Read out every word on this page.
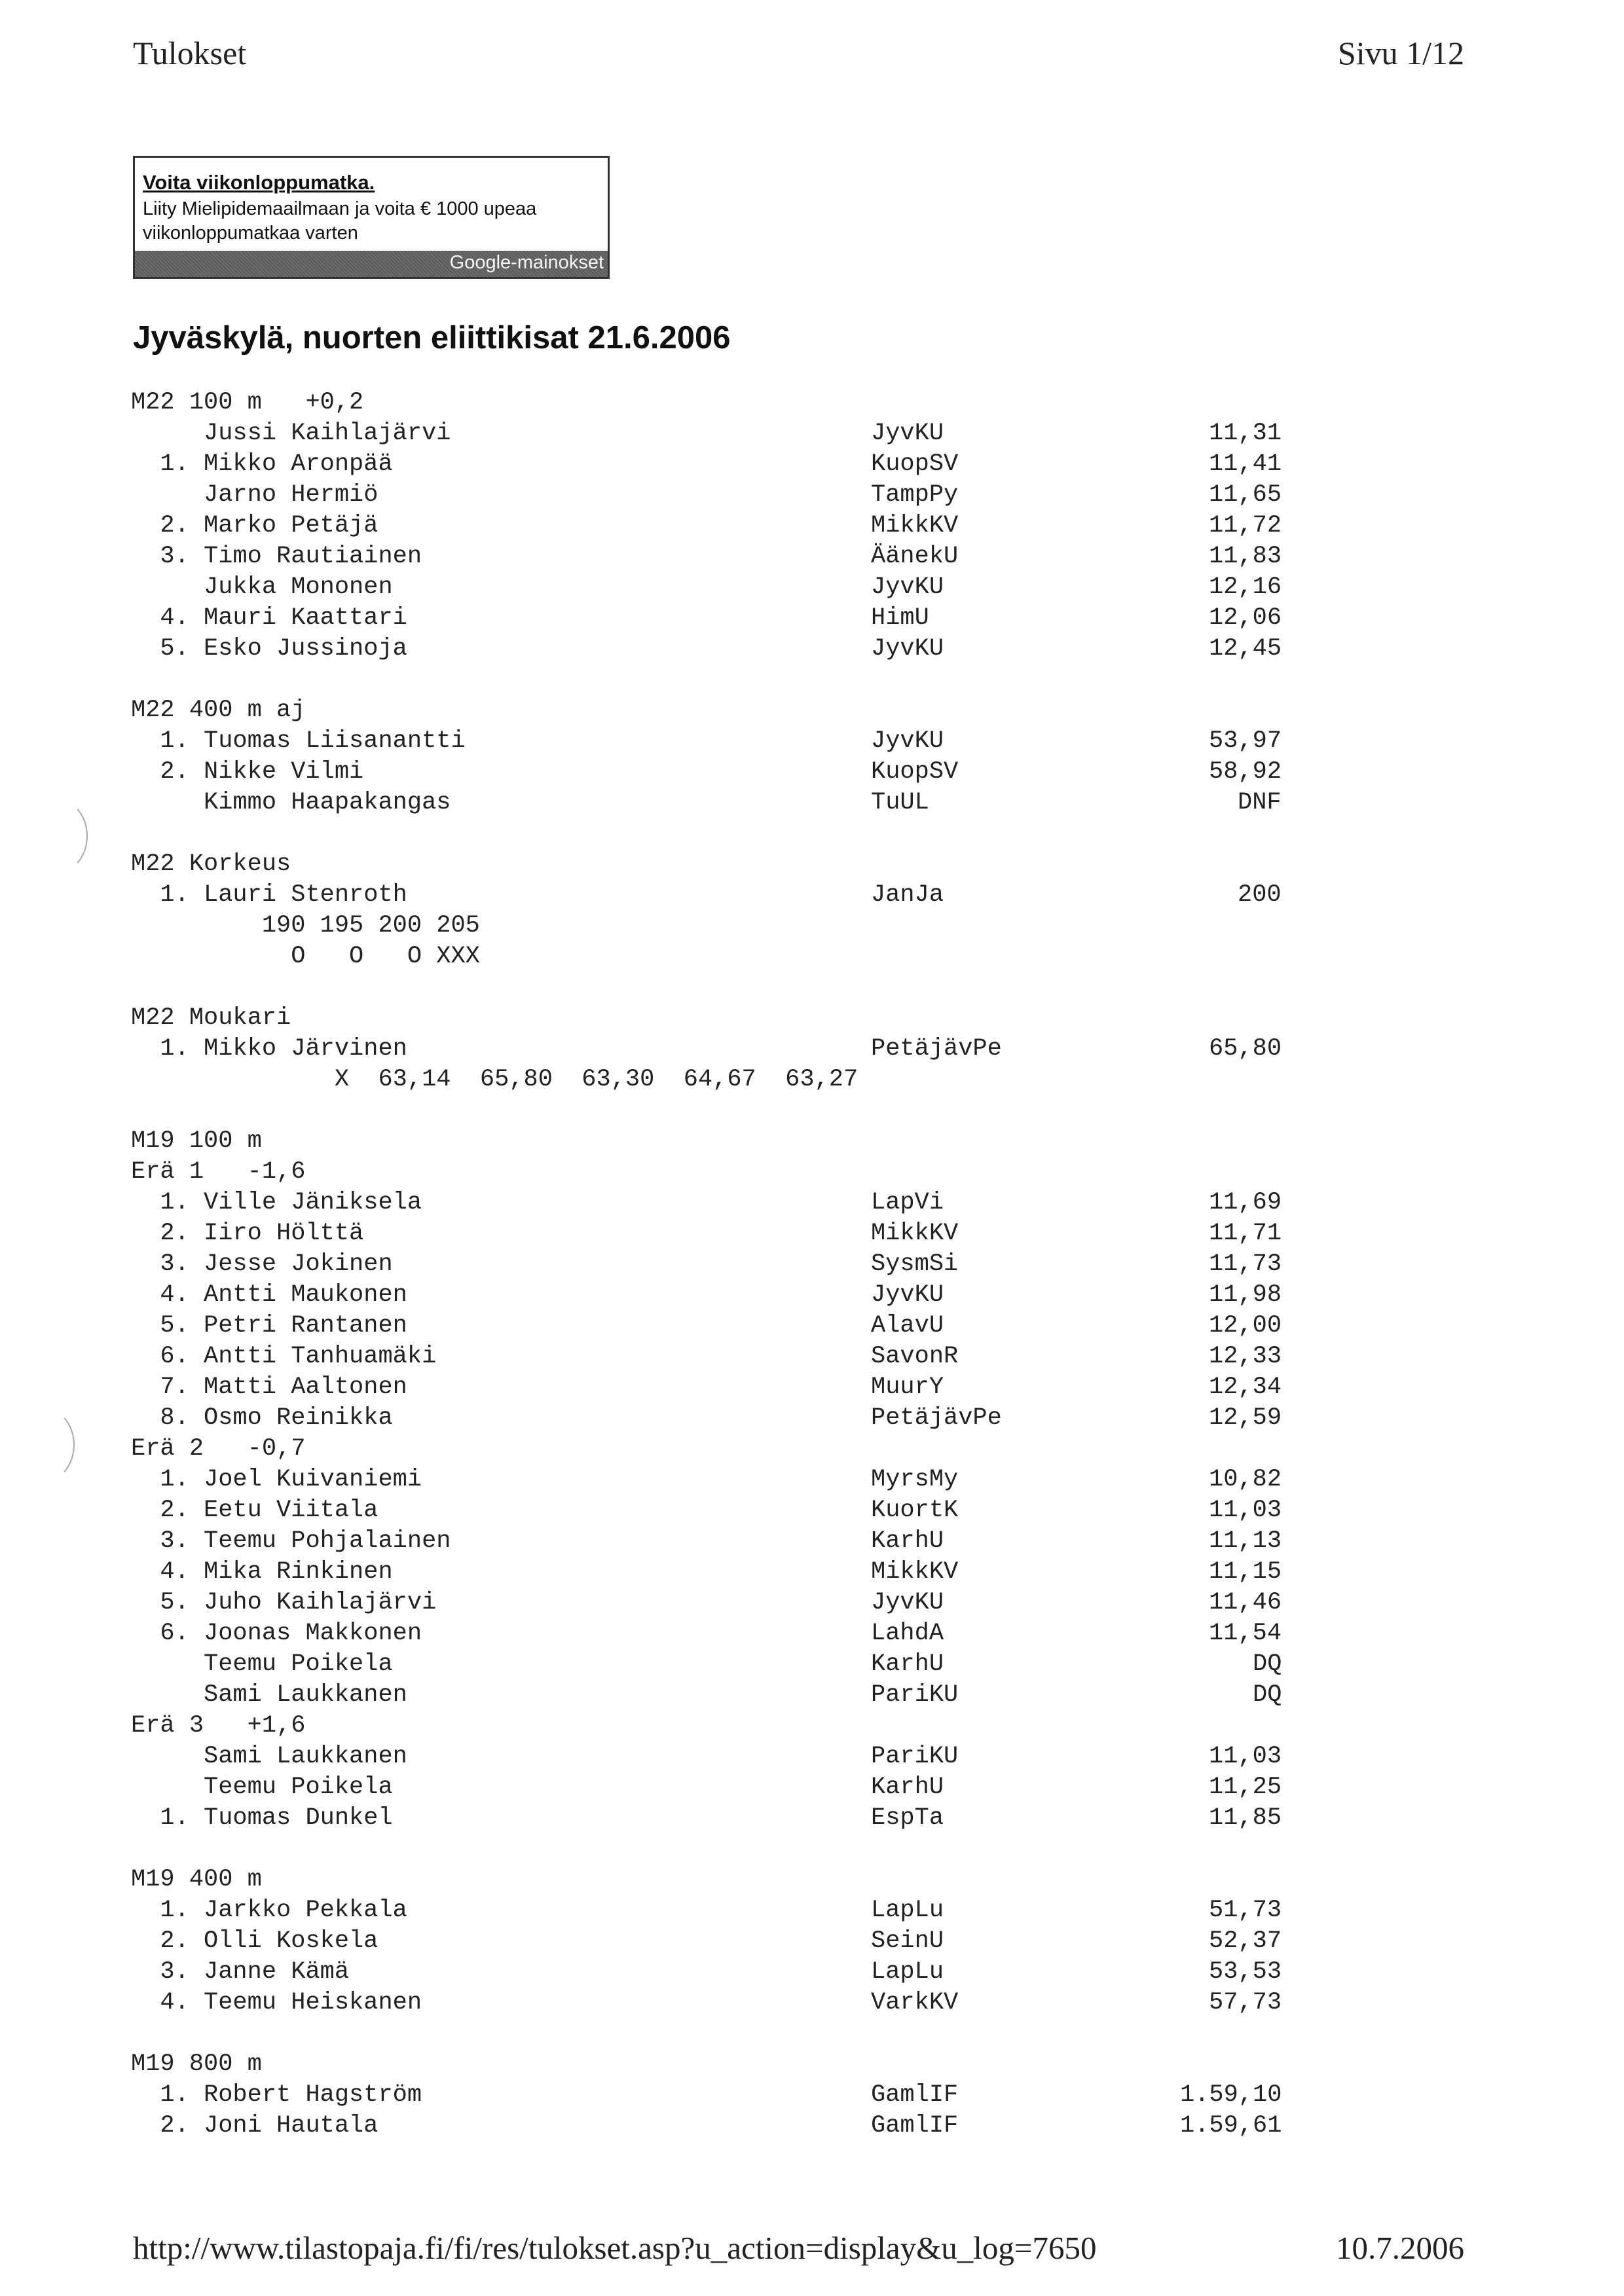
Tulokset	Sivu 1/12
Voita viikonloppumatka.
Liity Mielipidemaailmaan ja voita € 1000 upeaa viikonloppumatkaa varten
Google-mainokset
Jyväskylä, nuorten eliittikisat 21.6.2006
M22 100 m   +0,2
Jussi Kaihlajärvi	JyvKU	11,31
1. Mikko Aronpää	KuopSV	11,41
Jarno Hermiö	TampPy	11,65
2. Marko Petäjä	MikkKV	11,72
3. Timo Rautiainen	ÄänekU	11,83
Jukka Mononen	JyvKU	12,16
4. Mauri Kaattari	HimU	12,06
5. Esko Jussinoja	JyvKU	12,45
M22 400 m aj
1. Tuomas Liisanantti	JyvKU	53,97
2. Nikke Vilmi	KuopSV	58,92
Kimmo Haapakangas	TuUL	DNF
M22 Korkeus
1. Lauri Stenroth	JanJa	200
190 195 200 205
O   O   O XXX
M22 Moukari
1. Mikko Järvinen	PetäjävPe	65,80
X  63,14  65,80  63,30  64,67  63,27
M19 100 m
Erä 1   -1,6
1. Ville Jäniksela	LapVi	11,69
2. Iiro Hölttä	MikkKV	11,71
3. Jesse Jokinen	SysmSi	11,73
4. Antti Maukonen	JyvKU	11,98
5. Petri Rantanen	AlavU	12,00
6. Antti Tanhuamäki	SavonR	12,33
7. Matti Aaltonen	MuurY	12,34
8. Osmo Reinikka	PetäjävPe	12,59
Erä 2   -0,7
1. Joel Kuivaniemi	MyrsMy	10,82
2. Eetu Viitala	KuortK	11,03
3. Teemu Pohjalainen	KarhU	11,13
4. Mika Rinkinen	MikkKV	11,15
5. Juho Kaihlajärvi	JyvKU	11,46
6. Joonas Makkonen	LahdA	11,54
Teemu Poikela	KarhU	DQ
Sami Laukkanen	PariKU	DQ
Erä 3   +1,6
Sami Laukkanen	PariKU	11,03
Teemu Poikela	KarhU	11,25
1. Tuomas Dunkel	EspTa	11,85
M19 400 m
1. Jarkko Pekkala	LapLu	51,73
2. Olli Koskela	SeinU	52,37
3. Janne Kämä	LapLu	53,53
4. Teemu Heiskanen	VarkKV	57,73
M19 800 m
1. Robert Hagström	GamlIF	1.59,10
2. Joni Hautala	GamlIF	1.59,61
http://www.tilastopaja.fi/fi/res/tulokset.asp?u_action=display&u_log=7650	10.7.2006
